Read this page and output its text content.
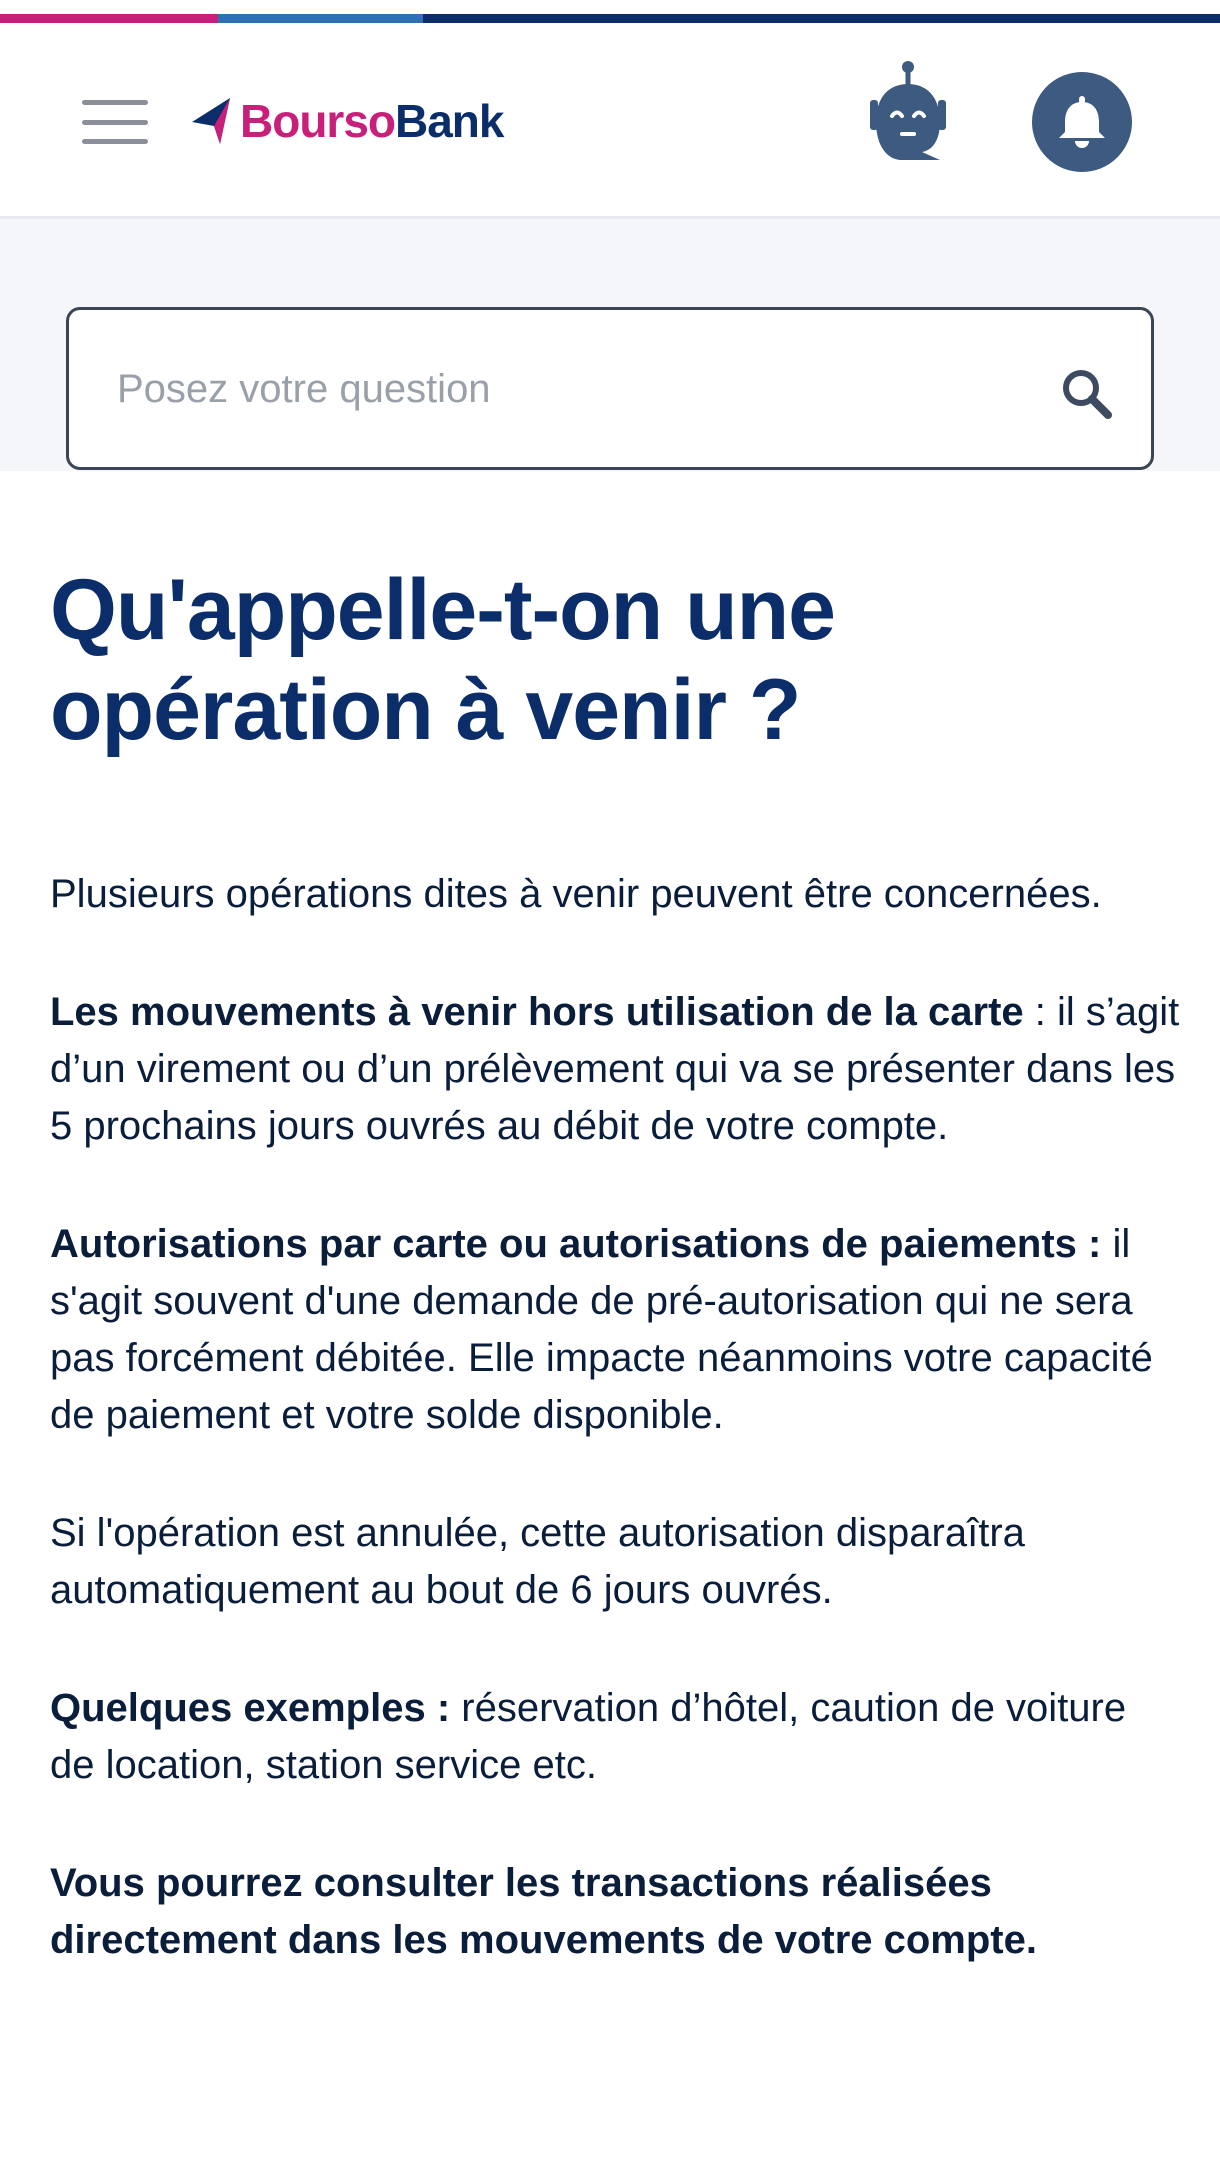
BoursoBank
Posez votre question
Qu'appelle-t-on une opération à venir ?

Plusieurs opérations dites à venir peuvent être concernées.

Les mouvements à venir hors utilisation de la carte : il s’agit d’un virement ou d’un prélèvement qui va se présenter dans les 5 prochains jours ouvrés au débit de votre compte.

Autorisations par carte ou autorisations de paiements : il s'agit souvent d'une demande de pré-autorisation qui ne sera pas forcément débitée. Elle impacte néanmoins votre capacité de paiement et votre solde disponible.

Si l'opération est annulée, cette autorisation disparaîtra automatiquement au bout de 6 jours ouvrés.

Quelques exemples : réservation d’hôtel, caution de voiture de location, station service etc.

Vous pourrez consulter les transactions réalisées directement dans les mouvements de votre compte.
